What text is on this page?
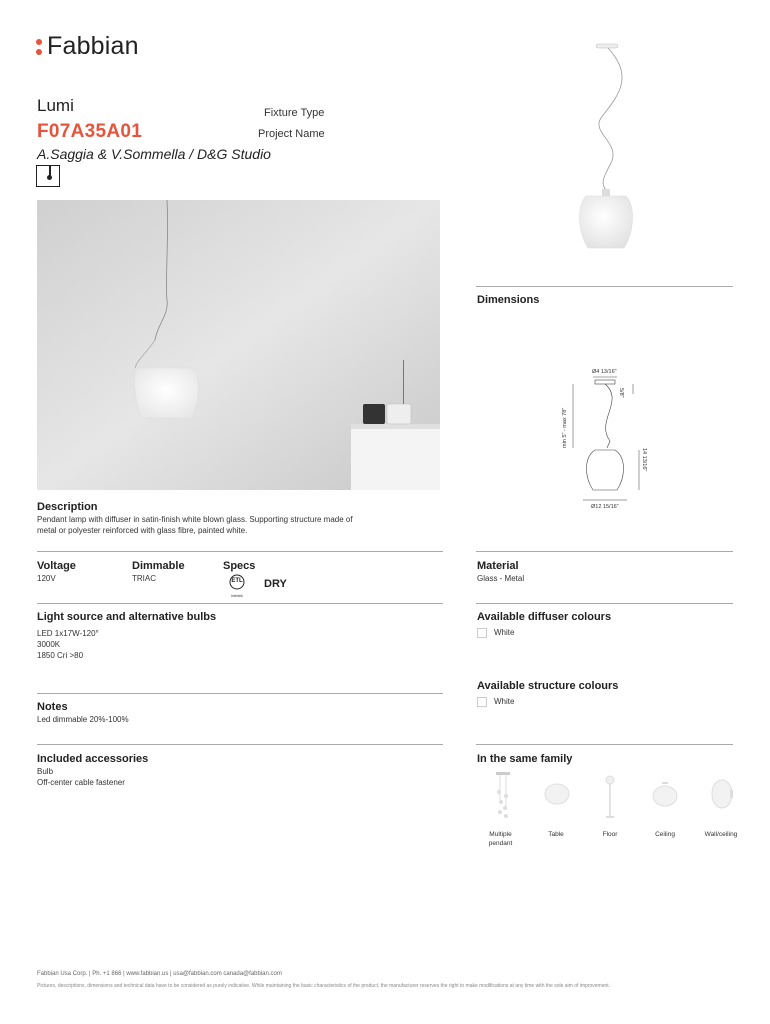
Fabbian
Lumi
F07A35A01
A.Saggia & V.Sommella / D&G Studio
Fixture Type
Project Name
Dimensions
Ø4 13/16"
5/8"
min 5" - max 78"
14 13/16"
Ø12 15/16"
Description
Pendant lamp with diffuser in satin-finish white blown glass. Supporting structure made of
metal or polyester reinforced with glass fibre, painted white.
Voltage
120V
Dimmable
TRIAC
Specs
ETL
Intertek
DRY
Material
Glass - Metal
Light source and alternative bulbs
LED 1x17W-120°
3000K
1850 Cri >80
Available diffuser colours
White
Available structure colours
White
Notes
Led dimmable 20%-100%
Included accessories
Bulb
Off-center cable fastener
In the same family
Multiple
pendant
Table	Floor	Ceiling	Wall/ceiling
Fabbian Usa Corp. | Ph. +1 866 | www.fabbian.us | usa@fabbian.com canada@fabbian.com
Pictures, descriptions, dimensions and technical data have to be considered as purely indicative. While maintaining the basic characteristics of the product, the manufacturer reserves the right to make modifications at any time with the sole aim of improvement.
